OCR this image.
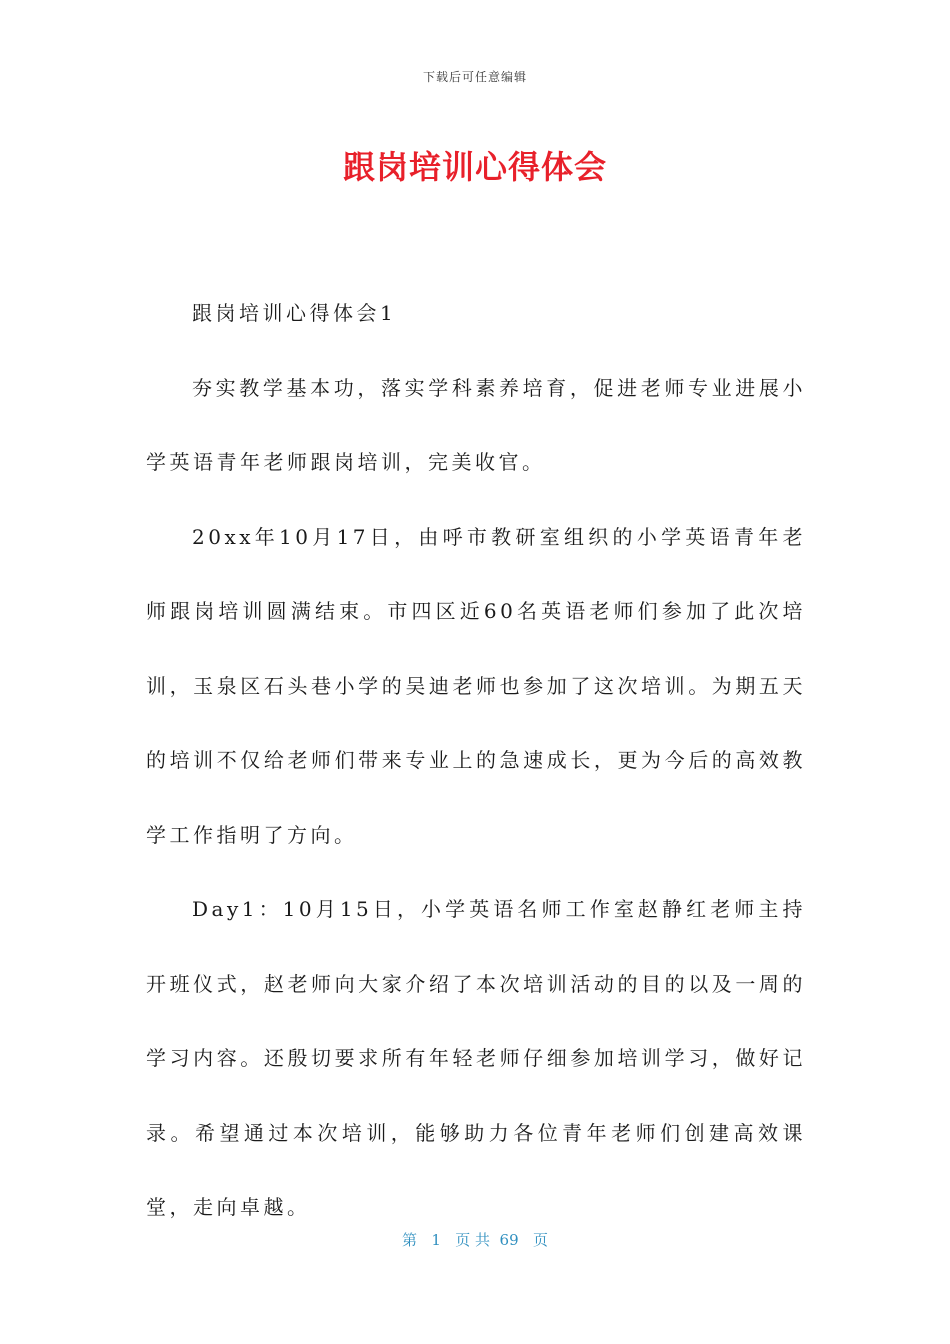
下载后可任意编辑
跟岗培训心得体会

跟岗培训心得体会1

夯实教学基本功，落实学科素养培育，促进老师专业进展小学英语青年老师跟岗培训，完美收官。

20xx年10月17日，由呼市教研室组织的小学英语青年老师跟岗培训圆满结束。市四区近60名英语老师们参加了此次培训，玉泉区石头巷小学的吴迪老师也参加了这次培训。为期五天的培训不仅给老师们带来专业上的急速成长，更为今后的高效教学工作指明了方向。

Day1：10月15日，小学英语名师工作室赵静红老师主持开班仪式，赵老师向大家介绍了本次培训活动的目的以及一周的学习内容。还殷切要求所有年轻老师仔细参加培训学习，做好记录。希望通过本次培训，能够助力各位青年老师们创建高效课堂，走向卓越。

第 1 页 共 69 页
